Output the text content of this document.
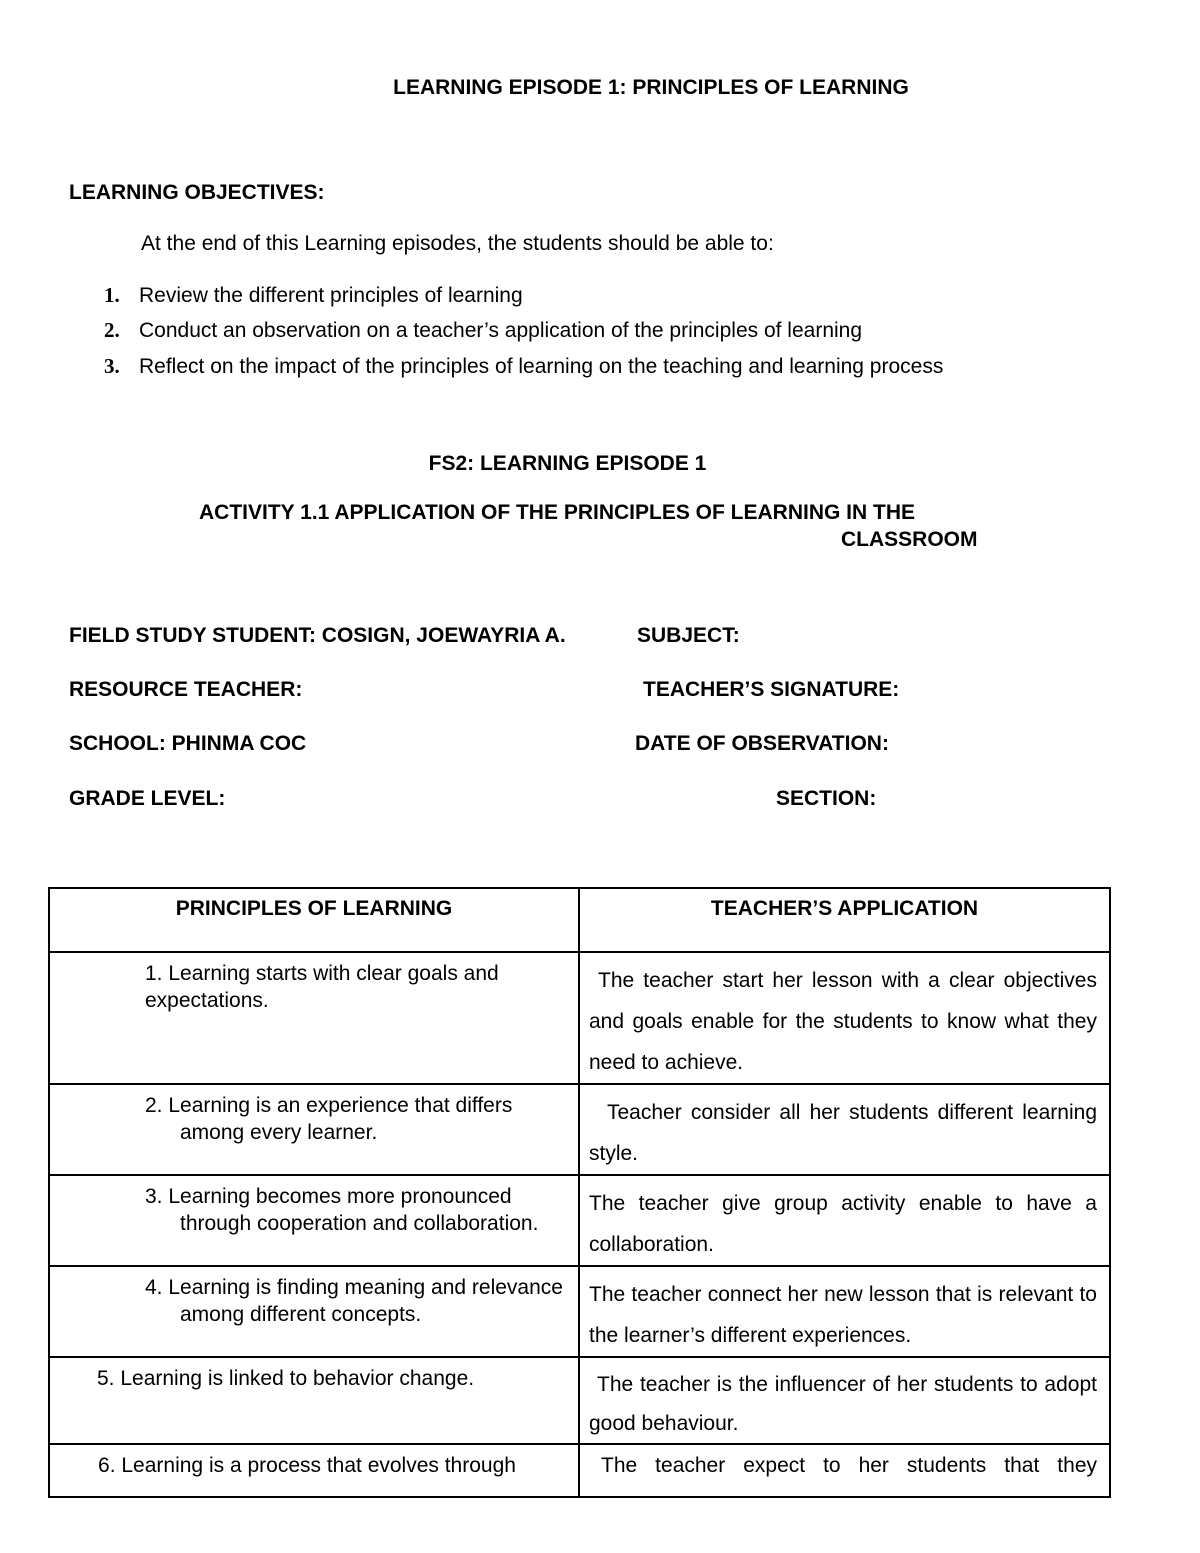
LEARNING EPISODE 1: PRINCIPLES OF LEARNING
LEARNING OBJECTIVES:
At the end of this Learning episodes, the students should be able to:
1. Review the different principles of learning
2. Conduct an observation on a teacher’s application of the principles of learning
3. Reflect on the impact of the principles of learning on the teaching and learning process
FS2: LEARNING EPISODE 1
ACTIVITY 1.1 APPLICATION OF THE PRINCIPLES OF LEARNING IN THE
CLASSROOM
FIELD STUDY STUDENT: COSIGN, JOEWAYRIA A.	SUBJECT:
RESOURCE TEACHER:	TEACHER’S SIGNATURE:
SCHOOL: PHINMA COC	DATE OF OBSERVATION:
GRADE LEVEL:	SECTION:
PRINCIPLES OF LEARNING	TEACHER’S APPLICATION

1. Learning starts with clear goals and expectations.	The teacher start her lesson with a clear objectives and goals enable for the students to know what they need to achieve.

2. Learning is an experience that differs among every learner.	Teacher consider all her students different learning style.

3. Learning becomes more pronounced through cooperation and collaboration.	The teacher give group activity enable to have a collaboration.

4. Learning is finding meaning and relevance among different concepts.	The teacher connect her new lesson that is relevant to the learner’s different experiences.

5. Learning is linked to behavior change.	The teacher is the influencer of her students to adopt good behaviour.

6. Learning is a process that evolves through	The teacher expect to her students that they
